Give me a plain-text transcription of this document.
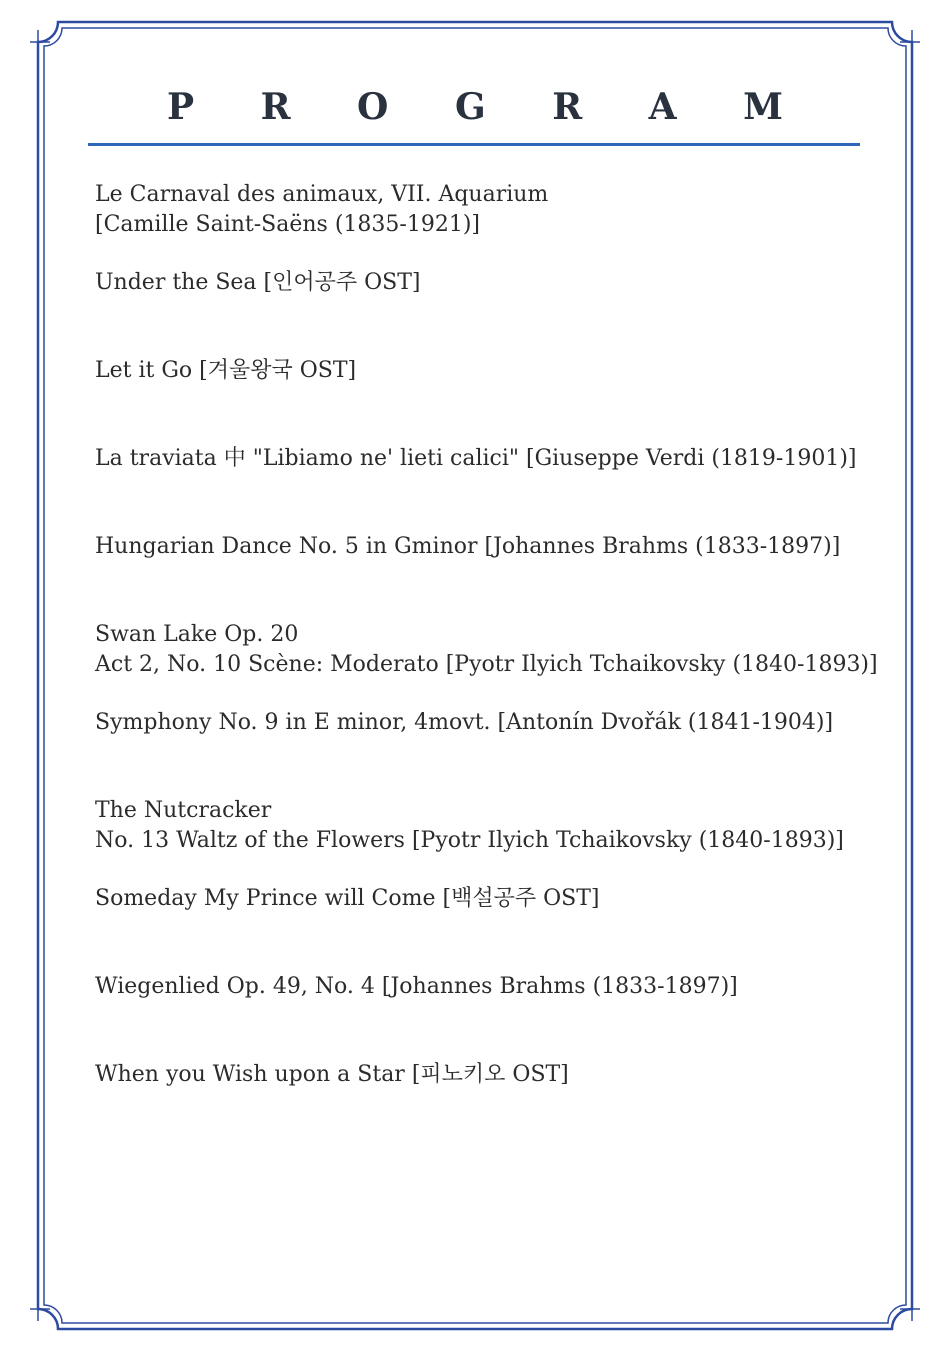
P R O G R A M
Le Carnaval des animaux, VII. Aquarium
[Camille Saint-Saëns (1835-1921)]
Under the Sea [인어공주 OST]
Let it Go [겨울왕국 OST]
La traviata 中 "Libiamo ne' lieti calici" [Giuseppe Verdi (1819-1901)]
Hungarian Dance No. 5 in Gminor [Johannes Brahms (1833-1897)]
Swan Lake Op. 20
Act 2, No. 10 Scène: Moderato [Pyotr Ilyich Tchaikovsky (1840-1893)]
Symphony No. 9 in E minor, 4movt. [Antonín Dvořák (1841-1904)]
The Nutcracker
No. 13 Waltz of the Flowers [Pyotr Ilyich Tchaikovsky (1840-1893)]
Someday My Prince will Come [백설공주 OST]
Wiegenlied Op. 49, No. 4 [Johannes Brahms (1833-1897)]
When you Wish upon a Star [피노키오 OST]
